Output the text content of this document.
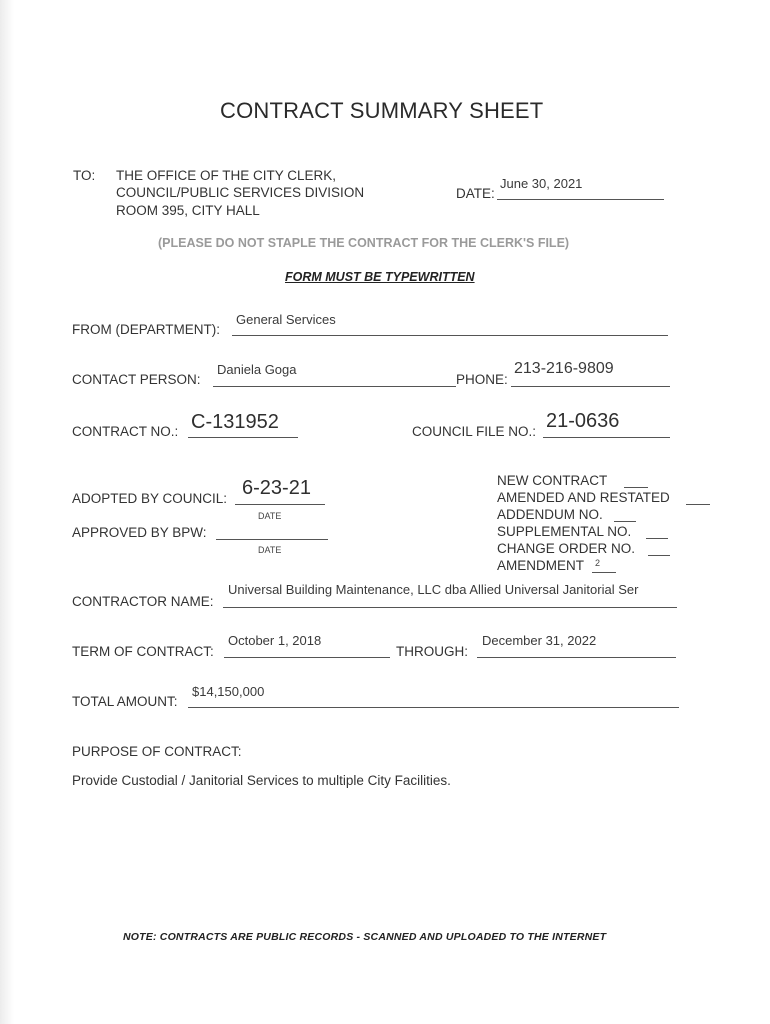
CONTRACT SUMMARY SHEET
TO: THE OFFICE OF THE CITY CLERK,
COUNCIL/PUBLIC SERVICES DIVISION
ROOM 395, CITY HALL
DATE:
June 30, 2021
(PLEASE DO NOT STAPLE THE CONTRACT FOR THE CLERK'S FILE)
FORM MUST BE TYPEWRITTEN
FROM (DEPARTMENT):
General Services
CONTACT PERSON:
Daniela Goga
PHONE:
213-216-9809
CONTRACT NO.: C-131952	COUNCIL FILE NO.: 21-0636
ADOPTED BY COUNCIL: 6-23-21
DATE
APPROVED BY BPW:
DATE
NEW CONTRACT
AMENDED AND RESTATED
ADDENDUM NO.
SUPPLEMENTAL NO.
CHANGE ORDER NO.
AMENDMENT 2
CONTRACTOR NAME:
Universal Building Maintenance, LLC dba Allied Universal Janitorial Ser
TERM OF CONTRACT:
October 1, 2018
THROUGH:
December 31, 2022
TOTAL AMOUNT:
$14,150,000
PURPOSE OF CONTRACT:
Provide Custodial / Janitorial Services to multiple City Facilities.
NOTE: CONTRACTS ARE PUBLIC RECORDS - SCANNED AND UPLOADED TO THE INTERNET
